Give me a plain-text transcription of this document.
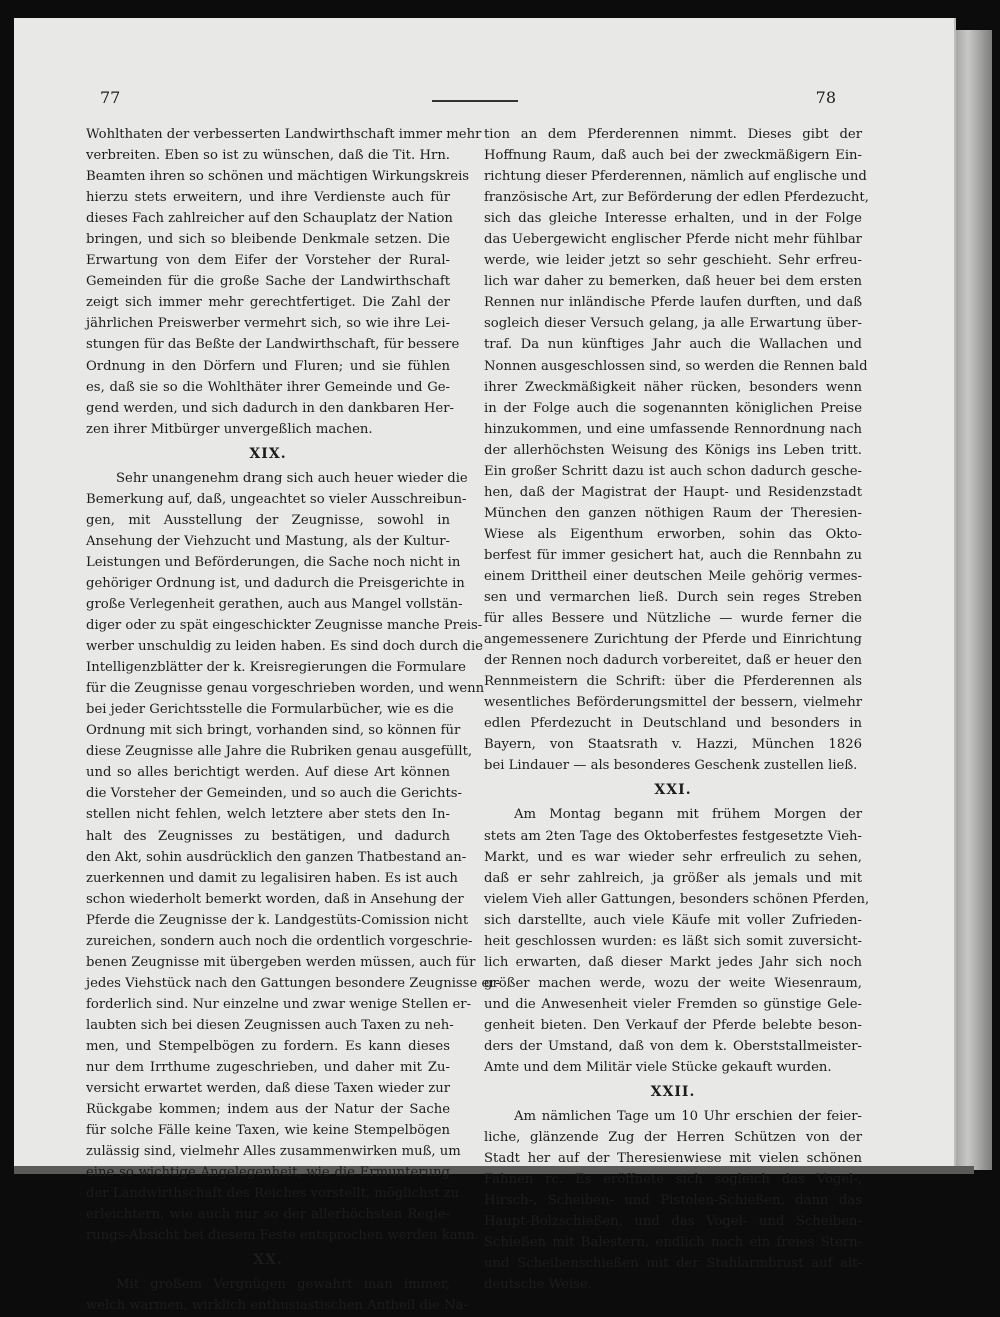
77	78
Wohlthaten der verbesserten Landwirthschaft immer mehr
verbreiten. Eben so ist zu wünschen, daß die Tit. Hrn.
Beamten ihren so schönen und mächtigen Wirkungskreis
hierzu stets erweitern, und ihre Verdienste auch für
dieses Fach zahlreicher auf den Schauplatz der Nation
bringen, und sich so bleibende Denkmale setzen. Die
Erwartung von dem Eifer der Vorsteher der Rural-
Gemeinden für die große Sache der Landwirthschaft
zeigt sich immer mehr gerechtfertiget. Die Zahl der
jährlichen Preiswerber vermehrt sich, so wie ihre Lei-
stungen für das Beßte der Landwirthschaft, für bessere
Ordnung in den Dörfern und Fluren; und sie fühlen
es, daß sie so die Wohlthäter ihrer Gemeinde und Ge-
gend werden, und sich dadurch in den dankbaren Her-
zen ihrer Mitbürger unvergeßlich machen.
XIX.
Sehr unangenehm drang sich auch heuer wieder die
Bemerkung auf, daß, ungeachtet so vieler Ausschreibun-
gen, mit Ausstellung der Zeugnisse, sowohl in
Ansehung der Viehzucht und Mastung, als der Kultur-
Leistungen und Beförderungen, die Sache noch nicht in
gehöriger Ordnung ist, und dadurch die Preisgerichte in
große Verlegenheit gerathen, auch aus Mangel vollstän-
diger oder zu spät eingeschickter Zeugnisse manche Preis-
werber unschuldig zu leiden haben. Es sind doch durch die
Intelligenzblätter der k. Kreisregierungen die Formulare
für die Zeugnisse genau vorgeschrieben worden, und wenn
bei jeder Gerichtsstelle die Formularbücher, wie es die
Ordnung mit sich bringt, vorhanden sind, so können für
diese Zeugnisse alle Jahre die Rubriken genau ausgefüllt,
und so alles berichtigt werden. Auf diese Art können
die Vorsteher der Gemeinden, und so auch die Gerichts-
stellen nicht fehlen, welch letztere aber stets den In-
halt des Zeugnisses zu bestätigen, und dadurch
den Akt, sohin ausdrücklich den ganzen Thatbestand an-
zuerkennen und damit zu legalisiren haben. Es ist auch
schon wiederholt bemerkt worden, daß in Ansehung der
Pferde die Zeugnisse der k. Landgestüts-Comission nicht
zureichen, sondern auch noch die ordentlich vorgeschrie-
benen Zeugnisse mit übergeben werden müssen, auch für
jedes Viehstück nach den Gattungen besondere Zeugnisse er-
forderlich sind. Nur einzelne und zwar wenige Stellen er-
laubten sich bei diesen Zeugnissen auch Taxen zu neh-
men, und Stempelbögen zu fordern. Es kann dieses
nur dem Irrthume zugeschrieben, und daher mit Zu-
versicht erwartet werden, daß diese Taxen wieder zur
Rückgabe kommen; indem aus der Natur der Sache
für solche Fälle keine Taxen, wie keine Stempelbögen
zulässig sind, vielmehr Alles zusammenwirken muß, um
eine so wichtige Angelegenheit, wie die Ermunterung
der Landwirthschaft des Reiches vorstellt, möglichst zu
erleichtern, wie auch nur so der allerhöchsten Regie-
rungs-Absicht bei diesem Feste entsprochen werden kann.
XX.
Mit großem Vergnügen gewahrt man immer,
welch warmen, wirklich enthusiastischen Antheil die Na-
tion an dem Pferderennen nimmt. Dieses gibt der
Hoffnung Raum, daß auch bei der zweckmäßigern Ein-
richtung dieser Pferderennen, nämlich auf englische und
französische Art, zur Beförderung der edlen Pferdezucht,
sich das gleiche Interesse erhalten, und in der Folge
das Uebergewicht englischer Pferde nicht mehr fühlbar
werde, wie leider jetzt so sehr geschieht. Sehr erfreu-
lich war daher zu bemerken, daß heuer bei dem ersten
Rennen nur inländische Pferde laufen durften, und daß
sogleich dieser Versuch gelang, ja alle Erwartung über-
traf. Da nun künftiges Jahr auch die Wallachen und
Nonnen ausgeschlossen sind, so werden die Rennen bald
ihrer Zweckmäßigkeit näher rücken, besonders wenn
in der Folge auch die sogenannten königlichen Preise
hinzukommen, und eine umfassende Rennordnung nach
der allerhöchsten Weisung des Königs ins Leben tritt.
Ein großer Schritt dazu ist auch schon dadurch gesche-
hen, daß der Magistrat der Haupt- und Residenzstadt
München den ganzen nöthigen Raum der Theresien-
Wiese als Eigenthum erworben, sohin das Okto-
berfest für immer gesichert hat, auch die Rennbahn zu
einem Drittheil einer deutschen Meile gehörig vermes-
sen und vermarchen ließ. Durch sein reges Streben
für alles Bessere und Nützliche — wurde ferner die
angemessenere Zurichtung der Pferde und Einrichtung
der Rennen noch dadurch vorbereitet, daß er heuer den
Rennmeistern die Schrift: über die Pferderennen als
wesentliches Beförderungsmittel der bessern, vielmehr
edlen Pferdezucht in Deutschland und besonders in
Bayern, von Staatsrath v. Hazzi, München 1826
bei Lindauer — als besonderes Geschenk zustellen ließ.
XXI.
Am Montag begann mit frühem Morgen der
stets am 2ten Tage des Oktoberfestes festgesetzte Vieh-
Markt, und es war wieder sehr erfreulich zu sehen,
daß er sehr zahlreich, ja größer als jemals und mit
vielem Vieh aller Gattungen, besonders schönen Pferden,
sich darstellte, auch viele Käufe mit voller Zufrieden-
heit geschlossen wurden: es läßt sich somit zuversicht-
lich erwarten, daß dieser Markt jedes Jahr sich noch
größer machen werde, wozu der weite Wiesenraum,
und die Anwesenheit vieler Fremden so günstige Gele-
genheit bieten. Den Verkauf der Pferde belebte beson-
ders der Umstand, daß von dem k. Oberststallmeister-
Amte und dem Militär viele Stücke gekauft wurden.
XXII.
Am nämlichen Tage um 10 Uhr erschien der feier-
liche, glänzende Zug der Herren Schützen von der
Stadt her auf der Theresienwiese mit vielen schönen
Fahnen rc. Es eröffnete sich sogleich das Vogel-,
Hirsch-, Scheiben- und Pistolen-Schießen, dann das
Haupt-Bolzschießen, und das Vogel- und Scheiben-
Schießen mit Balestern, endlich noch ein freies Stern-
und Scheibenschießen mit der Stahlarmbrust auf alt-
deutsche Weise.
